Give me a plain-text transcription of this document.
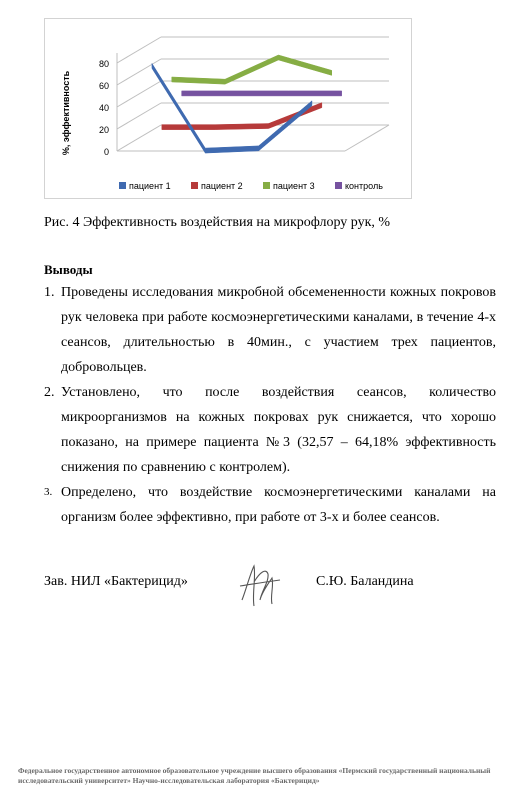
0
20
40
60
80
%, эффективность
пациент 1	пациент 2	пациент 3	контроль
Рис. 4 Эффективность воздействия на микрофлору рук, %
Выводы
1. Проведены исследования микробной обсемененности кожных покровов рук человека при работе космоэнергетическими каналами, в течение 4-х сеансов, длительностью в 40мин., с участием трех пациентов, добровольцев.
2. Установлено, что после воздействия сеансов, количество микроорганизмов на кожных покровах рук снижается, что хорошо показано, на примере пациента №3 (32,57 – 64,18% эффективность снижения по сравнению с контролем).
3. Определено, что воздействие космоэнергетическими каналами на организм более эффективно, при работе от 3-х и более сеансов.
Зав. НИЛ «Бактерицид»	С.Ю. Баландина
Федеральное государственное автономное образовательное учреждение высшего образования «Пермский государственный национальный исследовательский университет» Научно-исследовательская лаборатория «Бактерицид»
